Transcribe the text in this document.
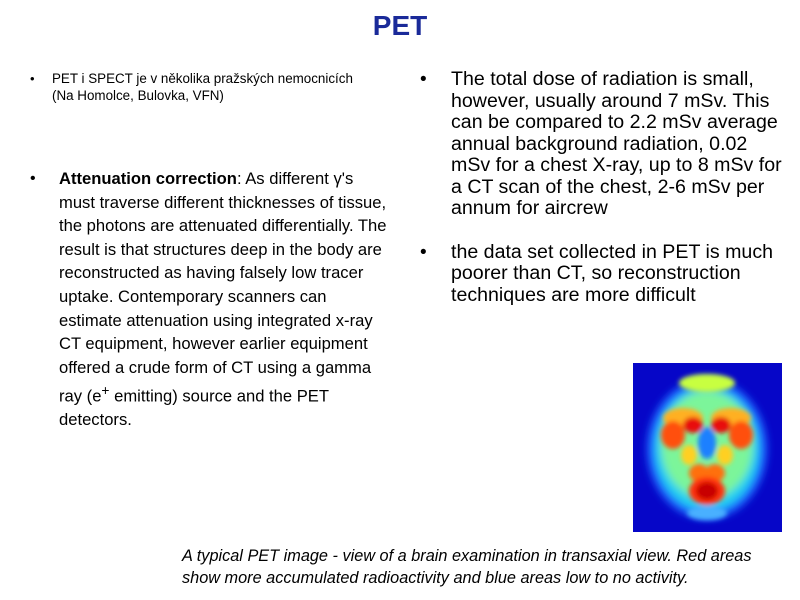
PET
• PET i SPECT je v několika pražských nemocnicích (Na Homolce, Bulovka, VFN)
• Attenuation correction: As different γ's must traverse different thicknesses of tissue, the photons are attenuated differentially. The result is that structures deep in the body are reconstructed as having falsely low tracer uptake. Contemporary scanners can estimate attenuation using integrated x-ray CT equipment, however earlier equipment offered a crude form of CT using a gamma ray (e+ emitting) source and the PET detectors.
• The total dose of radiation is small, however, usually around 7 mSv. This can be compared to 2.2 mSv average annual background radiation, 0.02 mSv for a chest X-ray, up to 8 mSv for a CT scan of the chest, 2-6 mSv per annum for aircrew
• the data set collected in PET is much poorer than CT, so reconstruction techniques are more difficult
A typical PET image - view of a brain examination in transaxial view. Red areas show more accumulated radioactivity and blue areas low to no activity.
